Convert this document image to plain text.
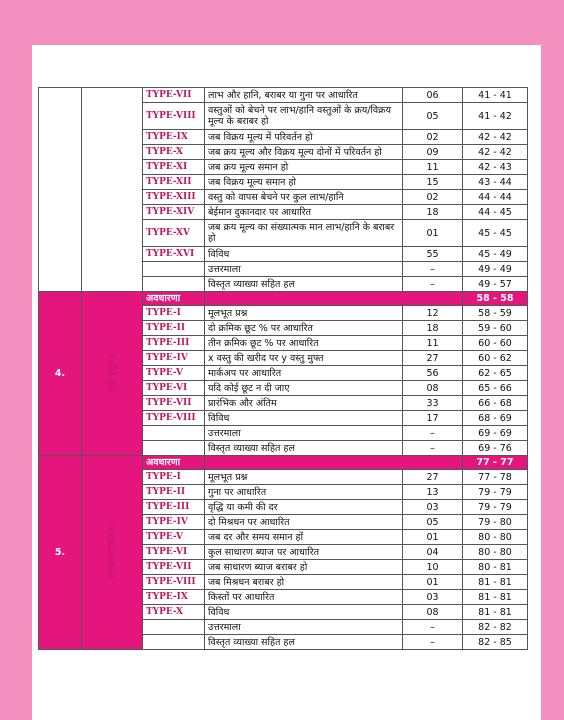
		TYPE-VII	लाभ और हानि, बराबर या गुना पर आधारित	06	41 - 41
		TYPE-VIII	वस्तुओं को बेचने पर लाभ/हानि वस्तुओं के क्रय/विक्रय मूल्य के बराबर हो	05	41 - 42
		TYPE-IX	जब विक्रय मूल्य में परिवर्तन हो	02	42 - 42
		TYPE-X	जब क्रय मूल्य और विक्रय मूल्य दोनों में परिवर्तन हो	09	42 - 42
		TYPE-XI	जब क्रय मूल्य समान हो	11	42 - 43
		TYPE-XII	जब विक्रय मूल्य समान हो	15	43 - 44
		TYPE-XIII	वस्तु को वापस बेचने पर कुल लाभ/हानि	02	44 - 44
		TYPE-XIV	बेईमान दुकानदार पर आधारित	18	44 - 45
		TYPE-XV	जब क्रय मूल्य का संख्यात्मक मान लाभ/हानि के बराबर हो	01	45 - 45
		TYPE-XVI	विविध	55	45 - 49
			उत्तरमाला	–	49 - 49
			विस्तृत व्याख्या सहित हल	–	49 - 57
4.	बट्टा (छूट)	अवधारणा			58 - 58
		TYPE-I	मूलभूत प्रश्न	12	58 - 59
		TYPE-II	दो क्रमिक छूट % पर आधारित	18	59 - 60
		TYPE-III	तीन क्रमिक छूट % पर आधारित	11	60 - 60
		TYPE-IV	x वस्तु की खरीद पर y वस्तु मुफ्त	27	60 - 62
		TYPE-V	मार्कअप पर आधारित	56	62 - 65
		TYPE-VI	यदि कोई छूट न दी जाए	08	65 - 66
		TYPE-VII	प्रारंभिक और अंतिम	33	66 - 68
		TYPE-VIII	विविध	17	68 - 69
			उत्तरमाला	–	69 - 69
			विस्तृत व्याख्या सहित हल	–	69 - 76
5.	साधारण ब्याज	अवधारणा			77 - 77
		TYPE-I	मूलभूत प्रश्न	27	77 - 78
		TYPE-II	गुना पर आधारित	13	79 - 79
		TYPE-III	वृद्धि या कमी की दर	03	79 - 79
		TYPE-IV	दो मिश्रधन पर आधारित	05	79 - 80
		TYPE-V	जब दर और समय समान हों	01	80 - 80
		TYPE-VI	कुल साधारण ब्याज पर आधारित	04	80 - 80
		TYPE-VII	जब साधारण ब्याज बराबर हो	10	80 - 81
		TYPE-VIII	जब मिश्रधन बराबर हो	01	81 - 81
		TYPE-IX	किस्तों पर आधारित	03	81 - 81
		TYPE-X	विविध	08	81 - 81
			उत्तरमाला	–	82 - 82
			विस्तृत व्याख्या सहित हल	–	82 - 85
